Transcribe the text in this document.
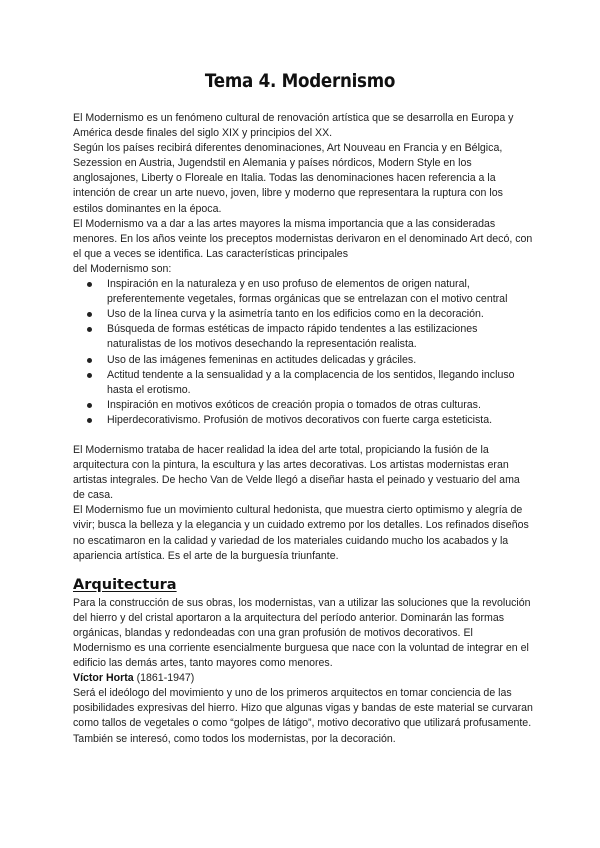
Tema 4. Modernismo

El Modernismo es un fenómeno cultural de renovación artística que se desarrolla en Europa y América desde finales del siglo XIX y principios del XX.

Según los países recibirá diferentes denominaciones, Art Nouveau en Francia y en Bélgica, Sezession en Austria, Jugendstil en Alemania y países nórdicos, Modern Style en los anglosajones, Liberty o Floreale en Italia. Todas las denominaciones hacen referencia a la intención de crear un arte nuevo, joven, libre y moderno que representara la ruptura con los estilos dominantes en la época.

El Modernismo va a dar a las artes mayores la misma importancia que a las consideradas menores. En los años veinte los preceptos modernistas derivaron en el denominado Art decó, con el que a veces se identifica. Las características principales

del Modernismo son:

Inspiración en la naturaleza y en uso profuso de elementos de origen natural, preferentemente vegetales, formas orgánicas que se entrelazan con el motivo central
Uso de la línea curva y la asimetría tanto en los edificios como en la decoración.
Búsqueda de formas estéticas de impacto rápido tendentes a las estilizaciones naturalistas de los motivos desechando la representación realista.
Uso de las imágenes femeninas en actitudes delicadas y gráciles.
Actitud tendente a la sensualidad y a la complacencia de los sentidos, llegando incluso hasta el erotismo.
Inspiración en motivos exóticos de creación propia o tomados de otras culturas.
Hiperdecorativismo. Profusión de motivos decorativos con fuerte carga esteticista.

El Modernismo trataba de hacer realidad la idea del arte total, propiciando la fusión de la arquitectura con la pintura, la escultura y las artes decorativas. Los artistas modernistas eran artistas integrales. De hecho Van de Velde llegó a diseñar hasta el peinado y vestuario del ama de casa.

El Modernismo fue un movimiento cultural hedonista, que muestra cierto optimismo y alegría de vivir; busca la belleza y la elegancia y un cuidado extremo por los detalles. Los refinados diseños no escatimaron en la calidad y variedad de los materiales cuidando mucho los acabados y la apariencia artística. Es el arte de la burguesía triunfante.

Arquitectura

Para la construcción de sus obras, los modernistas, van a utilizar las soluciones que la revolución del hierro y del cristal aportaron a la arquitectura del período anterior. Dominarán las formas orgánicas, blandas y redondeadas con una gran profusión de motivos decorativos. El Modernismo es una corriente esencialmente burguesa que nace con la voluntad de integrar en el edificio las demás artes, tanto mayores como menores.

Víctor Horta (1861-1947)

Será el ideólogo del movimiento y uno de los primeros arquitectos en tomar conciencia de las posibilidades expresivas del hierro. Hizo que algunas vigas y bandas de este material se curvaran como tallos de vegetales o como “golpes de látigo”, motivo decorativo que utilizará profusamente. También se interesó, como todos los modernistas, por la decoración.
